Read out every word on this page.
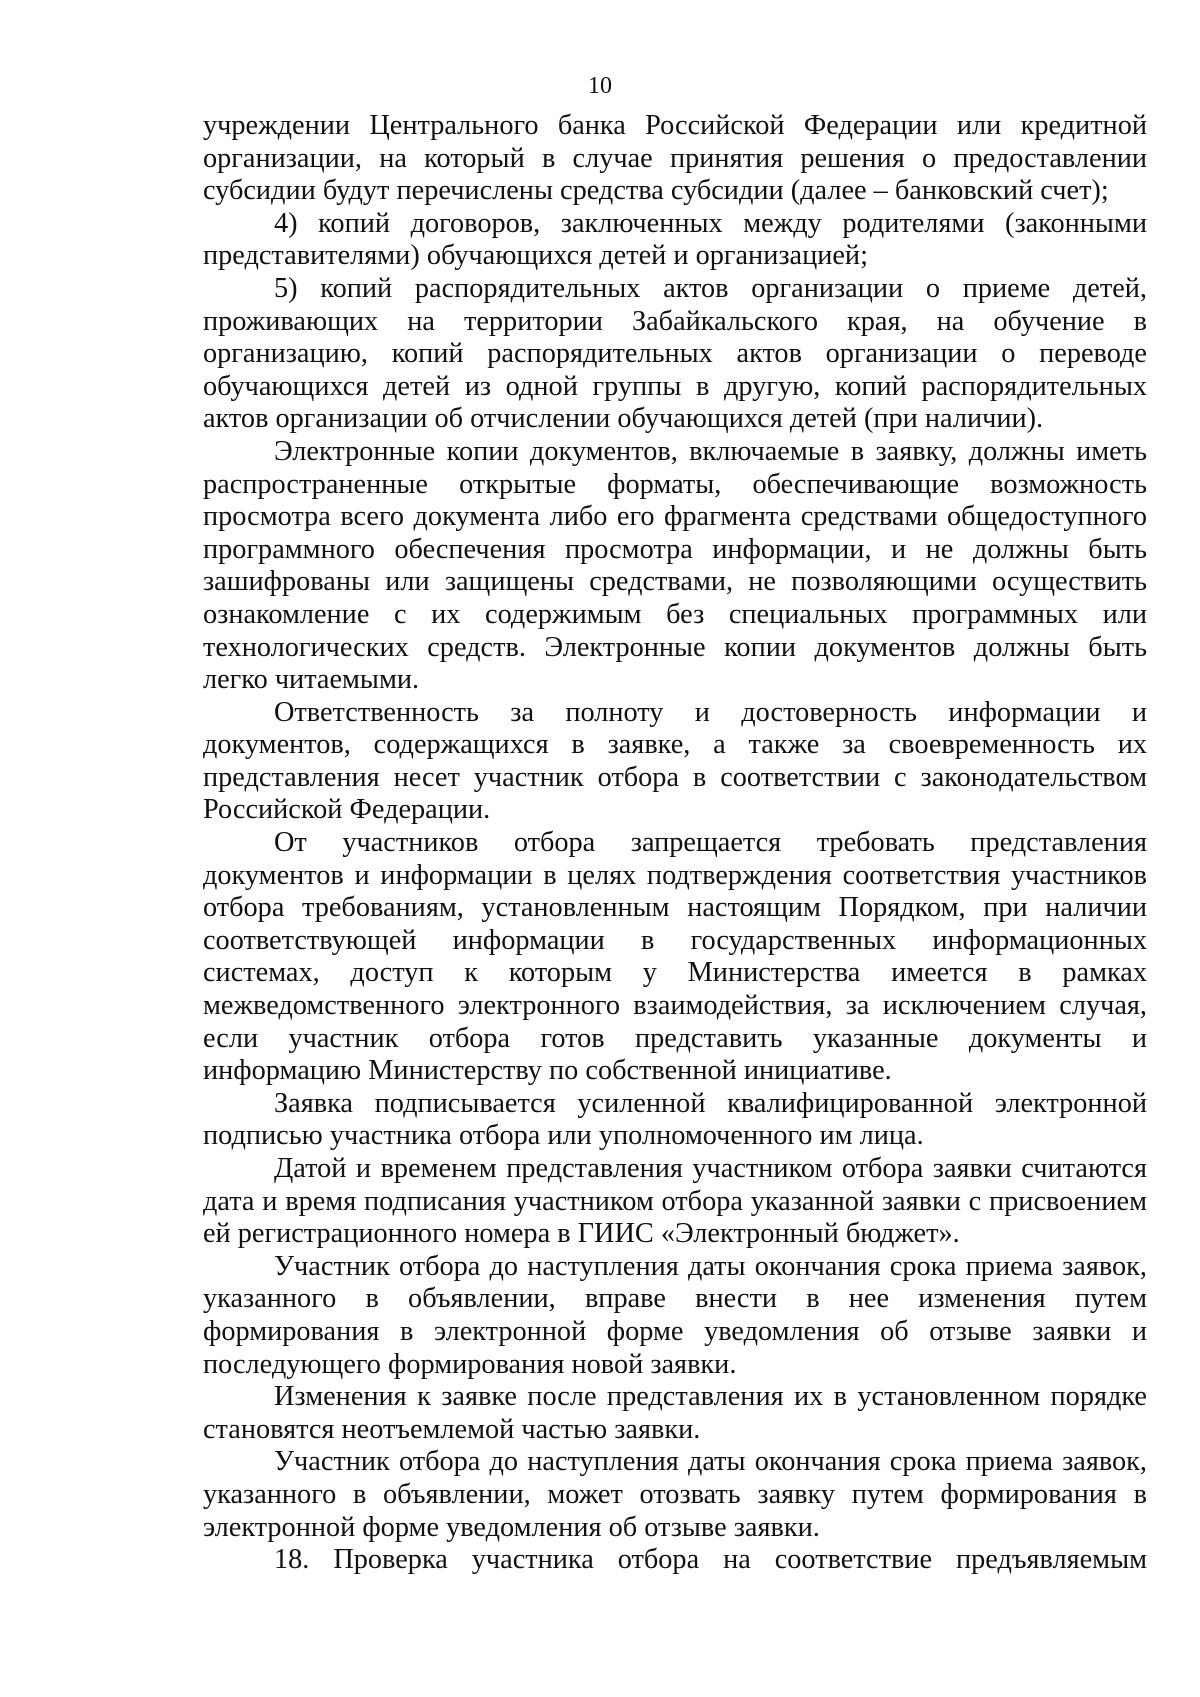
10

учреждении Центрального банка Российской Федерации или кредитной организации, на который в случае принятия решения о предоставлении субсидии будут перечислены средства субсидии (далее – банковский счет);

4) копий договоров, заключенных между родителями (законными представителями) обучающихся детей и организацией;

5) копий распорядительных актов организации о приеме детей, проживающих на территории Забайкальского края, на обучение в организацию, копий распорядительных актов организации о переводе обучающихся детей из одной группы в другую, копий распорядительных актов организации об отчислении обучающихся детей (при наличии).

Электронные копии документов, включаемые в заявку, должны иметь распространенные открытые форматы, обеспечивающие возможность просмотра всего документа либо его фрагмента средствами общедоступного программного обеспечения просмотра информации, и не должны быть зашифрованы или защищены средствами, не позволяющими осуществить ознакомление с их содержимым без специальных программных или технологических средств. Электронные копии документов должны быть легко читаемыми.

Ответственность за полноту и достоверность информации и документов, содержащихся в заявке, а также за своевременность их представления несет участник отбора в соответствии с законодательством Российской Федерации.

От участников отбора запрещается требовать представления документов и информации в целях подтверждения соответствия участников отбора требованиям, установленным настоящим Порядком, при наличии соответствующей информации в государственных информационных системах, доступ к которым у Министерства имеется в рамках межведомственного электронного взаимодействия, за исключением случая, если участник отбора готов представить указанные документы и информацию Министерству по собственной инициативе.

Заявка подписывается усиленной квалифицированной электронной подписью участника отбора или уполномоченного им лица.

Датой и временем представления участником отбора заявки считаются дата и время подписания участником отбора указанной заявки с присвоением ей регистрационного номера в ГИИС «Электронный бюджет».

Участник отбора до наступления даты окончания срока приема заявок, указанного в объявлении, вправе внести в нее изменения путем формирования в электронной форме уведомления об отзыве заявки и последующего формирования новой заявки.

Изменения к заявке после представления их в установленном порядке становятся неотъемлемой частью заявки.

Участник отбора до наступления даты окончания срока приема заявок, указанного в объявлении, может отозвать заявку путем формирования в электронной форме уведомления об отзыве заявки.

18. Проверка участника отбора на соответствие предъявляемым
